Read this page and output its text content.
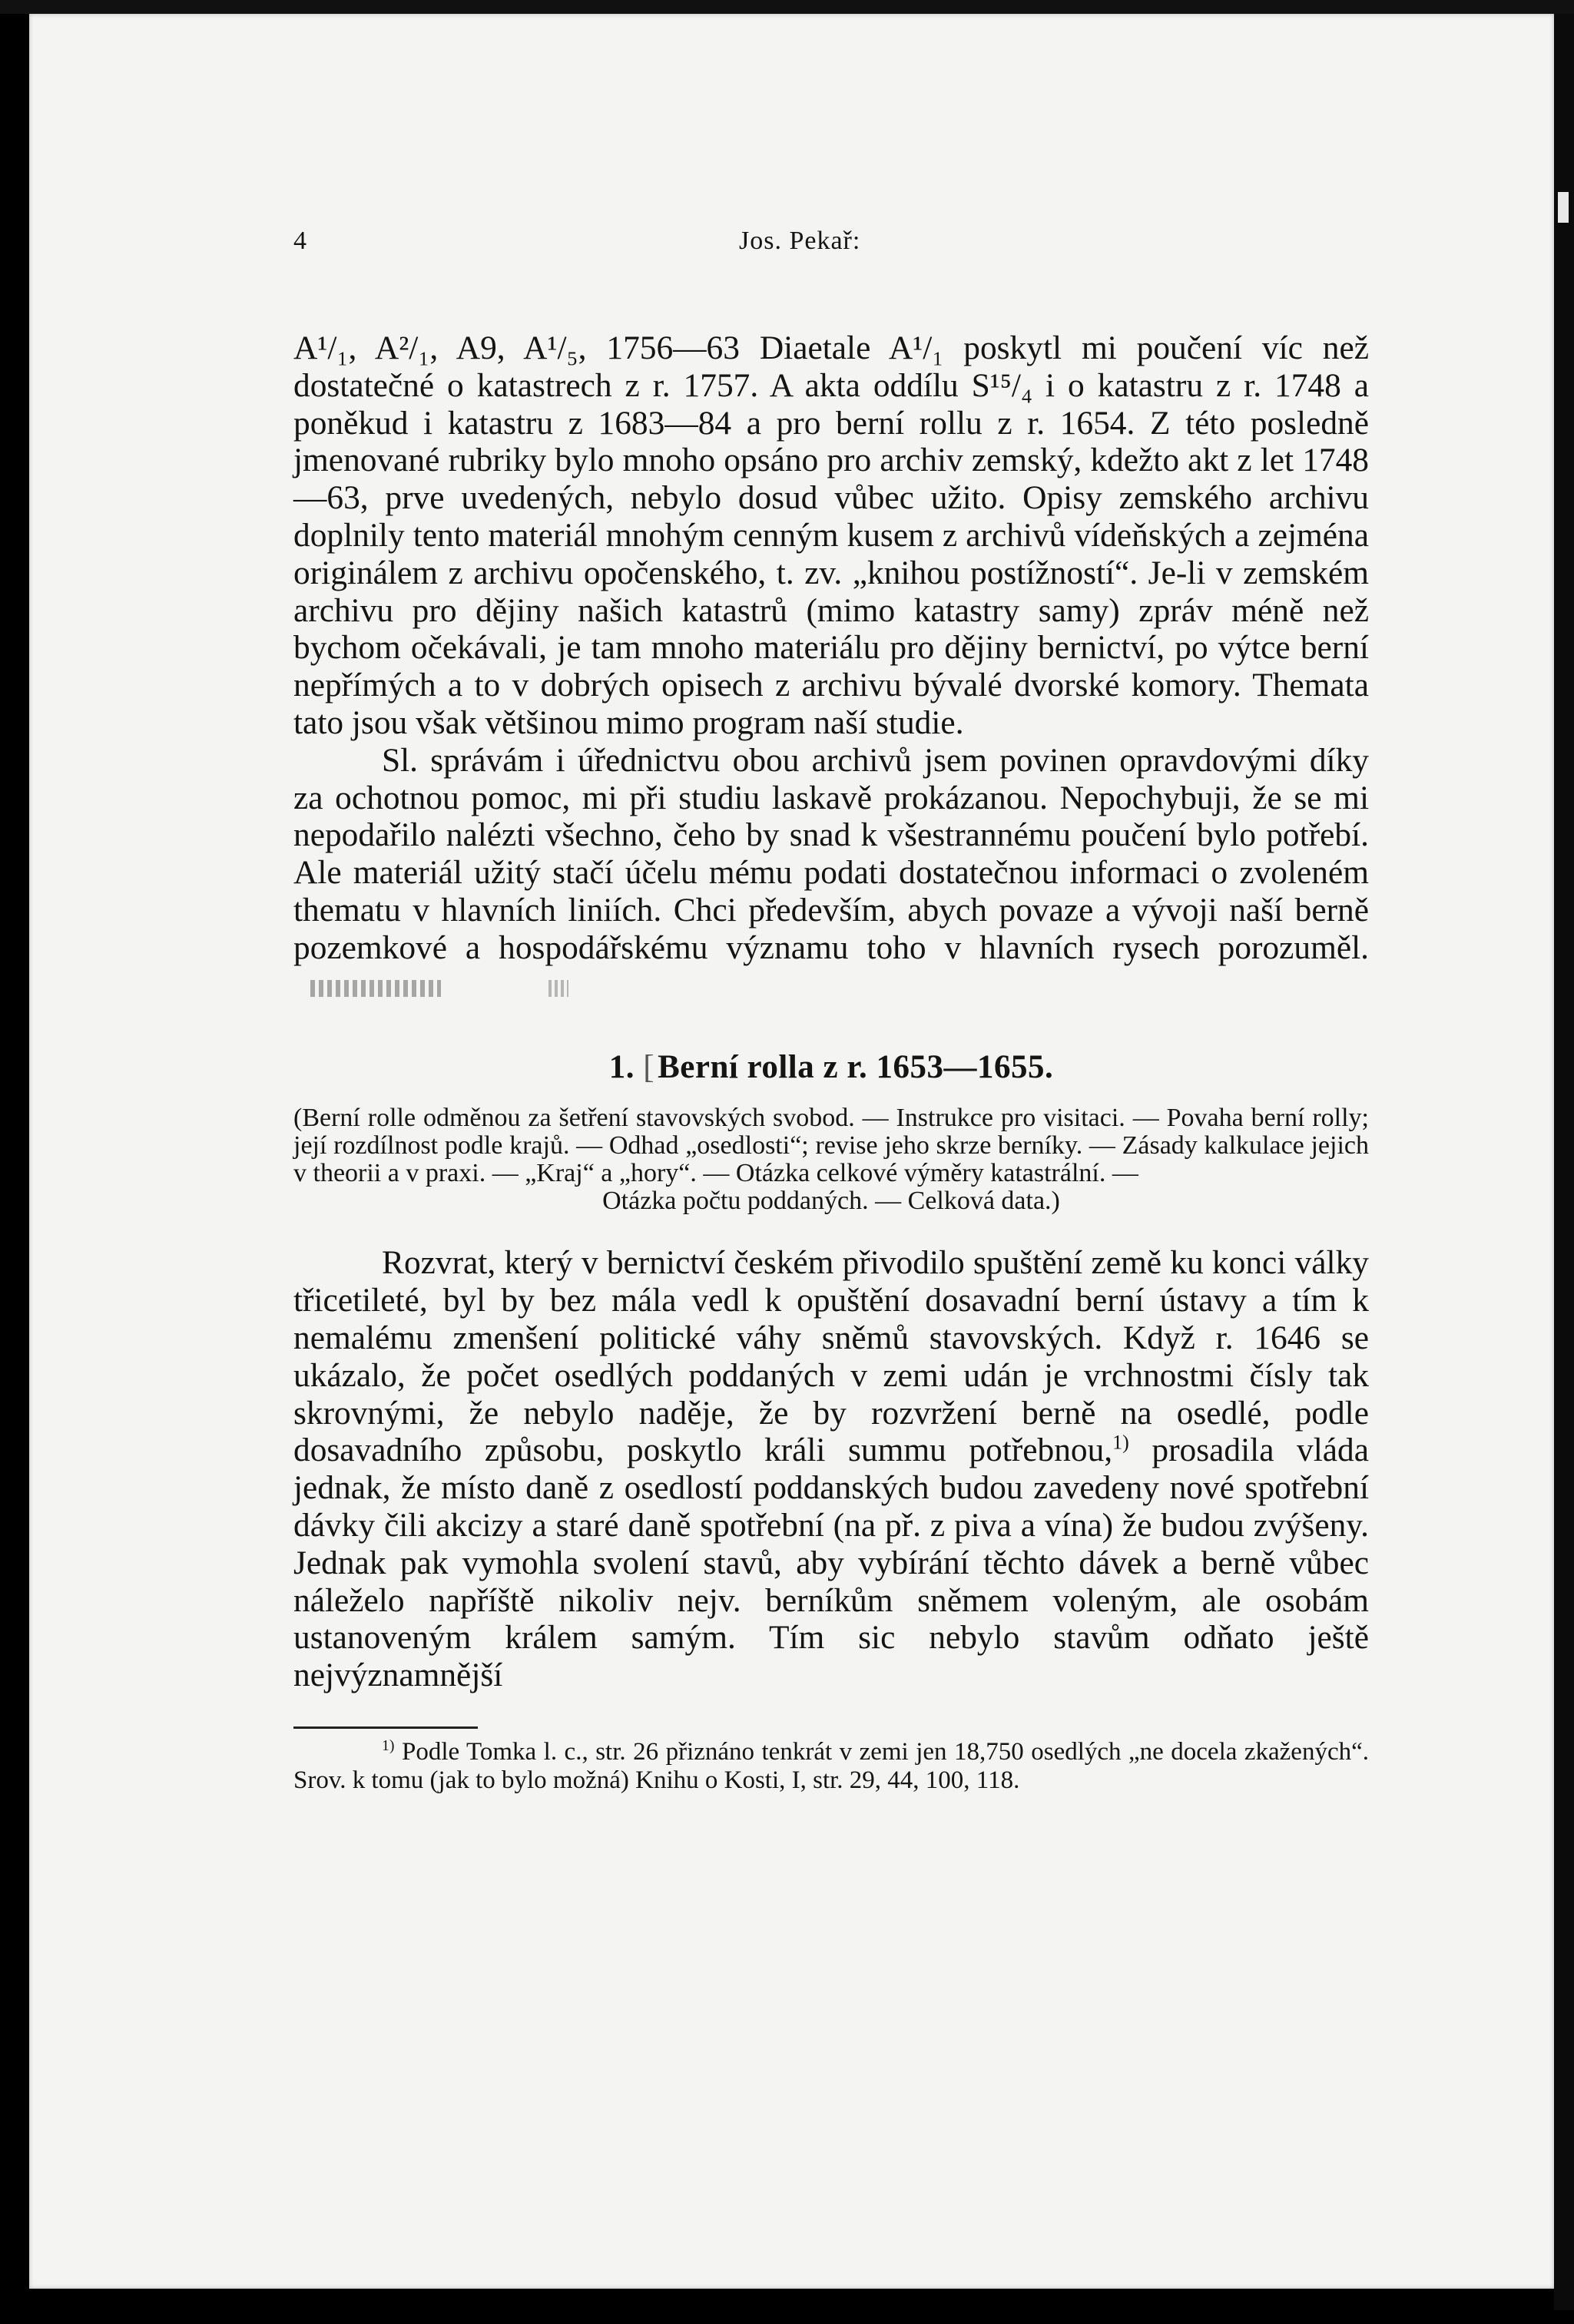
4	Jos. Pekař:

A¹/₁, A²/₁, A9, A¹/₅, 1756—63 Diaetale A¹/₁ poskytl mi poučení víc než dostatečné o katastrech z r. 1757. A akta oddílu S¹⁵/₄ i o katastru z r. 1748 a poněkud i katastru z 1683—84 a pro berní rollu z r. 1654. Z této posledně jmenované rubriky bylo mnoho opsáno pro archiv zemský, kdežto akt z let 1748—63, prve uvedených, nebylo dosud vůbec užito. Opisy zemského archivu doplnily tento materiál mnohým cenným kusem z archivů vídeňských a zejména originálem z archivu opočenského, t. zv. „knihou postížností“. Je-li v zemském archivu pro dějiny našich katastrů (mimo katastry samy) zpráv méně než bychom očekávali, je tam mnoho materiálu pro dějiny bernictví, po výtce berní nepřímých a to v dobrých opisech z archivu bývalé dvorské komory. Themata tato jsou však většinou mimo program naší studie.

Sl. správám i úřednictvu obou archivů jsem povinen opravdovými díky za ochotnou pomoc, mi při studiu laskavě prokázanou. Nepochybuji, že se mi nepodařilo nalézti všechno, čeho by snad k všestrannému poučení bylo potřebí. Ale materiál užitý stačí účelu mému podati dostatečnou informaci o zvoleném thematu v hlavních liniích. Chci především, abych povaze a vývoji naší berně pozemkové a hospodářskému významu toho v hlavních rysech porozuměl.

1. [Berní rolla z r. 1653—1655.
(Berní rolle odměnou za šetření stavovských svobod. — Instrukce pro visitaci. — Povaha berní rolly; její rozdílnost podle krajů. — Odhad „osedlosti“; revise jeho skrze berníky. — Zásady kalkulace jejich v theorii a v praxi. — „Kraj“ a „hory“. — Otázka celkové výměry katastrální. —
Otázka počtu poddaných. — Celková data.)

Rozvrat, který v bernictví českém přivodilo spuštění země ku konci války třicetileté, byl by bez mála vedl k opuštění dosavadní berní ústavy a tím k nemalému zmenšení politické váhy sněmů stavovských. Když r. 1646 se ukázalo, že počet osedlých poddaných v zemi udán je vrchnostmi čísly tak skrovnými, že nebylo naděje, že by rozvržení berně na osedlé, podle dosavadního způsobu, poskytlo králi summu potřebnou,$^{1)}$ prosadila vláda jednak, že místo daně z osedlostí poddanských budou zavedeny nové spotřební dávky čili akcizy a staré daně spotřební (na př. z piva a vína) že budou zvýšeny. Jednak pak vymohla svolení stavů, aby vybírání těchto dávek a berně vůbec náleželo napříště nikoliv nejv. berníkům sněmem voleným, ale osobám ustanoveným králem samým. Tím sic nebylo stavům odňato ještě nejvýznamnější

$^{1)}$ Podle Tomka l. c., str. 26 přiznáno tenkrát v zemi jen 18,750 osedlých „ne docela zkažených“. Srov. k tomu (jak to bylo možná) Knihu o Kosti, I, str. 29, 44, 100, 118.
